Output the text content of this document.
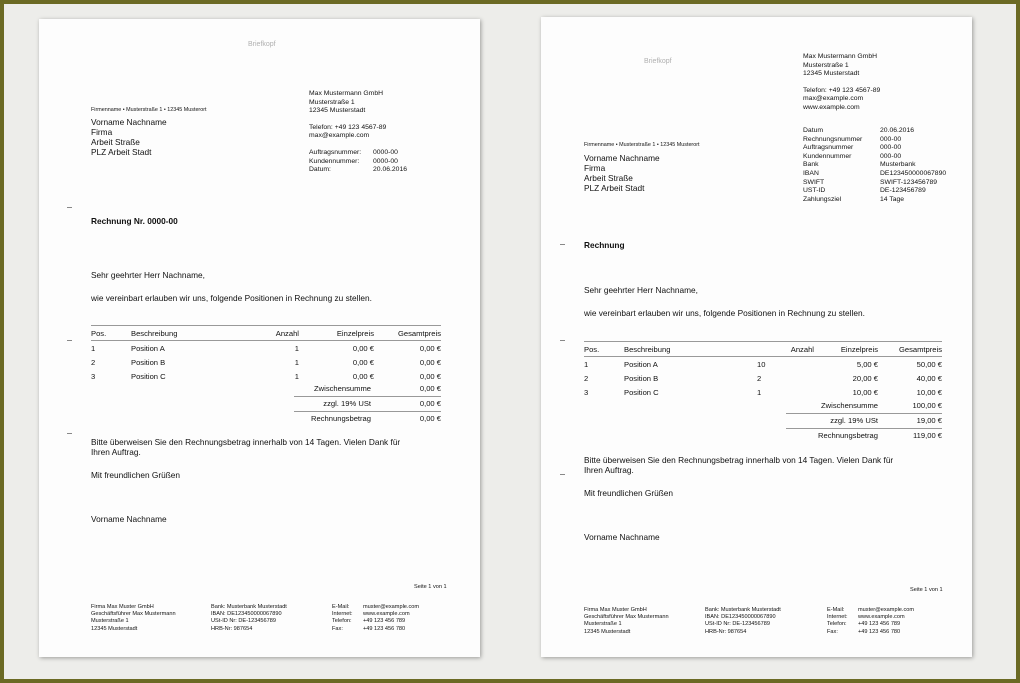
Briefkopf
Max Mustermann GmbH
Musterstraße 1
12345 Musterstadt
Telefon: +49 123 4567-89
max@example.com
Auftragsnummer: 0000-00
Kundennummer: 0000-00
Datum:	20.06.2016
Firmenname • Musterstraße 1 • 12345 Musterort
Vorname Nachname
Firma
Arbeit Straße
PLZ Arbeit Stadt
Rechnung Nr. 0000-00
Sehr geehrter Herr Nachname,
wie vereinbart erlauben wir uns, folgende Positionen in Rechnung zu stellen.
Pos.	Beschreibung	Anzahl	Einzelpreis	Gesamtpreis
1	Position A	1	0,00 €	0,00 €
2	Position B	1	0,00 €	0,00 €
3	Position C	1	0,00 €	0,00 €
Zwischensumme	0,00 €
zzgl. 19% USt	0,00 €
Rechnungsbetrag	0,00 €
Bitte überweisen Sie den Rechnungsbetrag innerhalb von 14 Tagen. Vielen Dank für Ihren Auftrag.
Mit freundlichen Grüßen
Vorname Nachname
Seite 1 von 1
Firma Max Muster GmbH
Geschäftsführer Max Mustermann
Musterstraße 1
12345 Musterstadt
Bank: Musterbank Musterstadt
IBAN: DE12345000006789​0
USt-ID Nr: DE-123456789
HRB-Nr: 987654
E-Mail:	muster@example.com
Internet:	www.example.com
Telefon:	+49 123 456 789
Fax:	+49 123 456 780
Briefkopf
Max Mustermann GmbH
Musterstraße 1
12345 Musterstadt
Telefon: +49 123 4567-89
max@example.com
www.example.com
Datum	20.06.2016
Rechnungsnummer	000-00
Auftragsnummer	000-00
Kundennummer	000-00
Bank	Musterbank
IBAN	DE12345000006789​0
SWIFT	SWIFT-123456789
UST-ID	DE-123456789
Zahlungsziel	14 Tage
Firmenname • Musterstraße 1 • 12345 Musterort
Vorname Nachname
Firma
Arbeit Straße
PLZ Arbeit Stadt
Rechnung
Sehr geehrter Herr Nachname,
wie vereinbart erlauben wir uns, folgende Positionen in Rechnung zu stellen.
Pos.	Beschreibung	Anzahl	Einzelpreis	Gesamtpreis
1	Position A	10	5,00 €	50,00 €
2	Position B	2	20,00 €	40,00 €
3	Position C	1	10,00 €	10,00 €
Zwischensumme	100,00 €
zzgl. 19% USt	19,00 €
Rechnungsbetrag	119,00 €
Bitte überweisen Sie den Rechnungsbetrag innerhalb von 14 Tagen. Vielen Dank für Ihren Auftrag.
Mit freundlichen Grüßen
Vorname Nachname
Seite 1 von 1
Firma Max Muster GmbH
Geschäftsführer Max Mustermann
Musterstraße 1
12345 Musterstadt
Bank: Musterbank Musterstadt
IBAN: DE12345000006789​0
USt-ID Nr: DE-123456789
HRB-Nr: 987654
E-Mail:	muster@example.com
Internet:	www.example.com
Telefon:	+49 123 456 789
Fax:	+49 123 456 780
